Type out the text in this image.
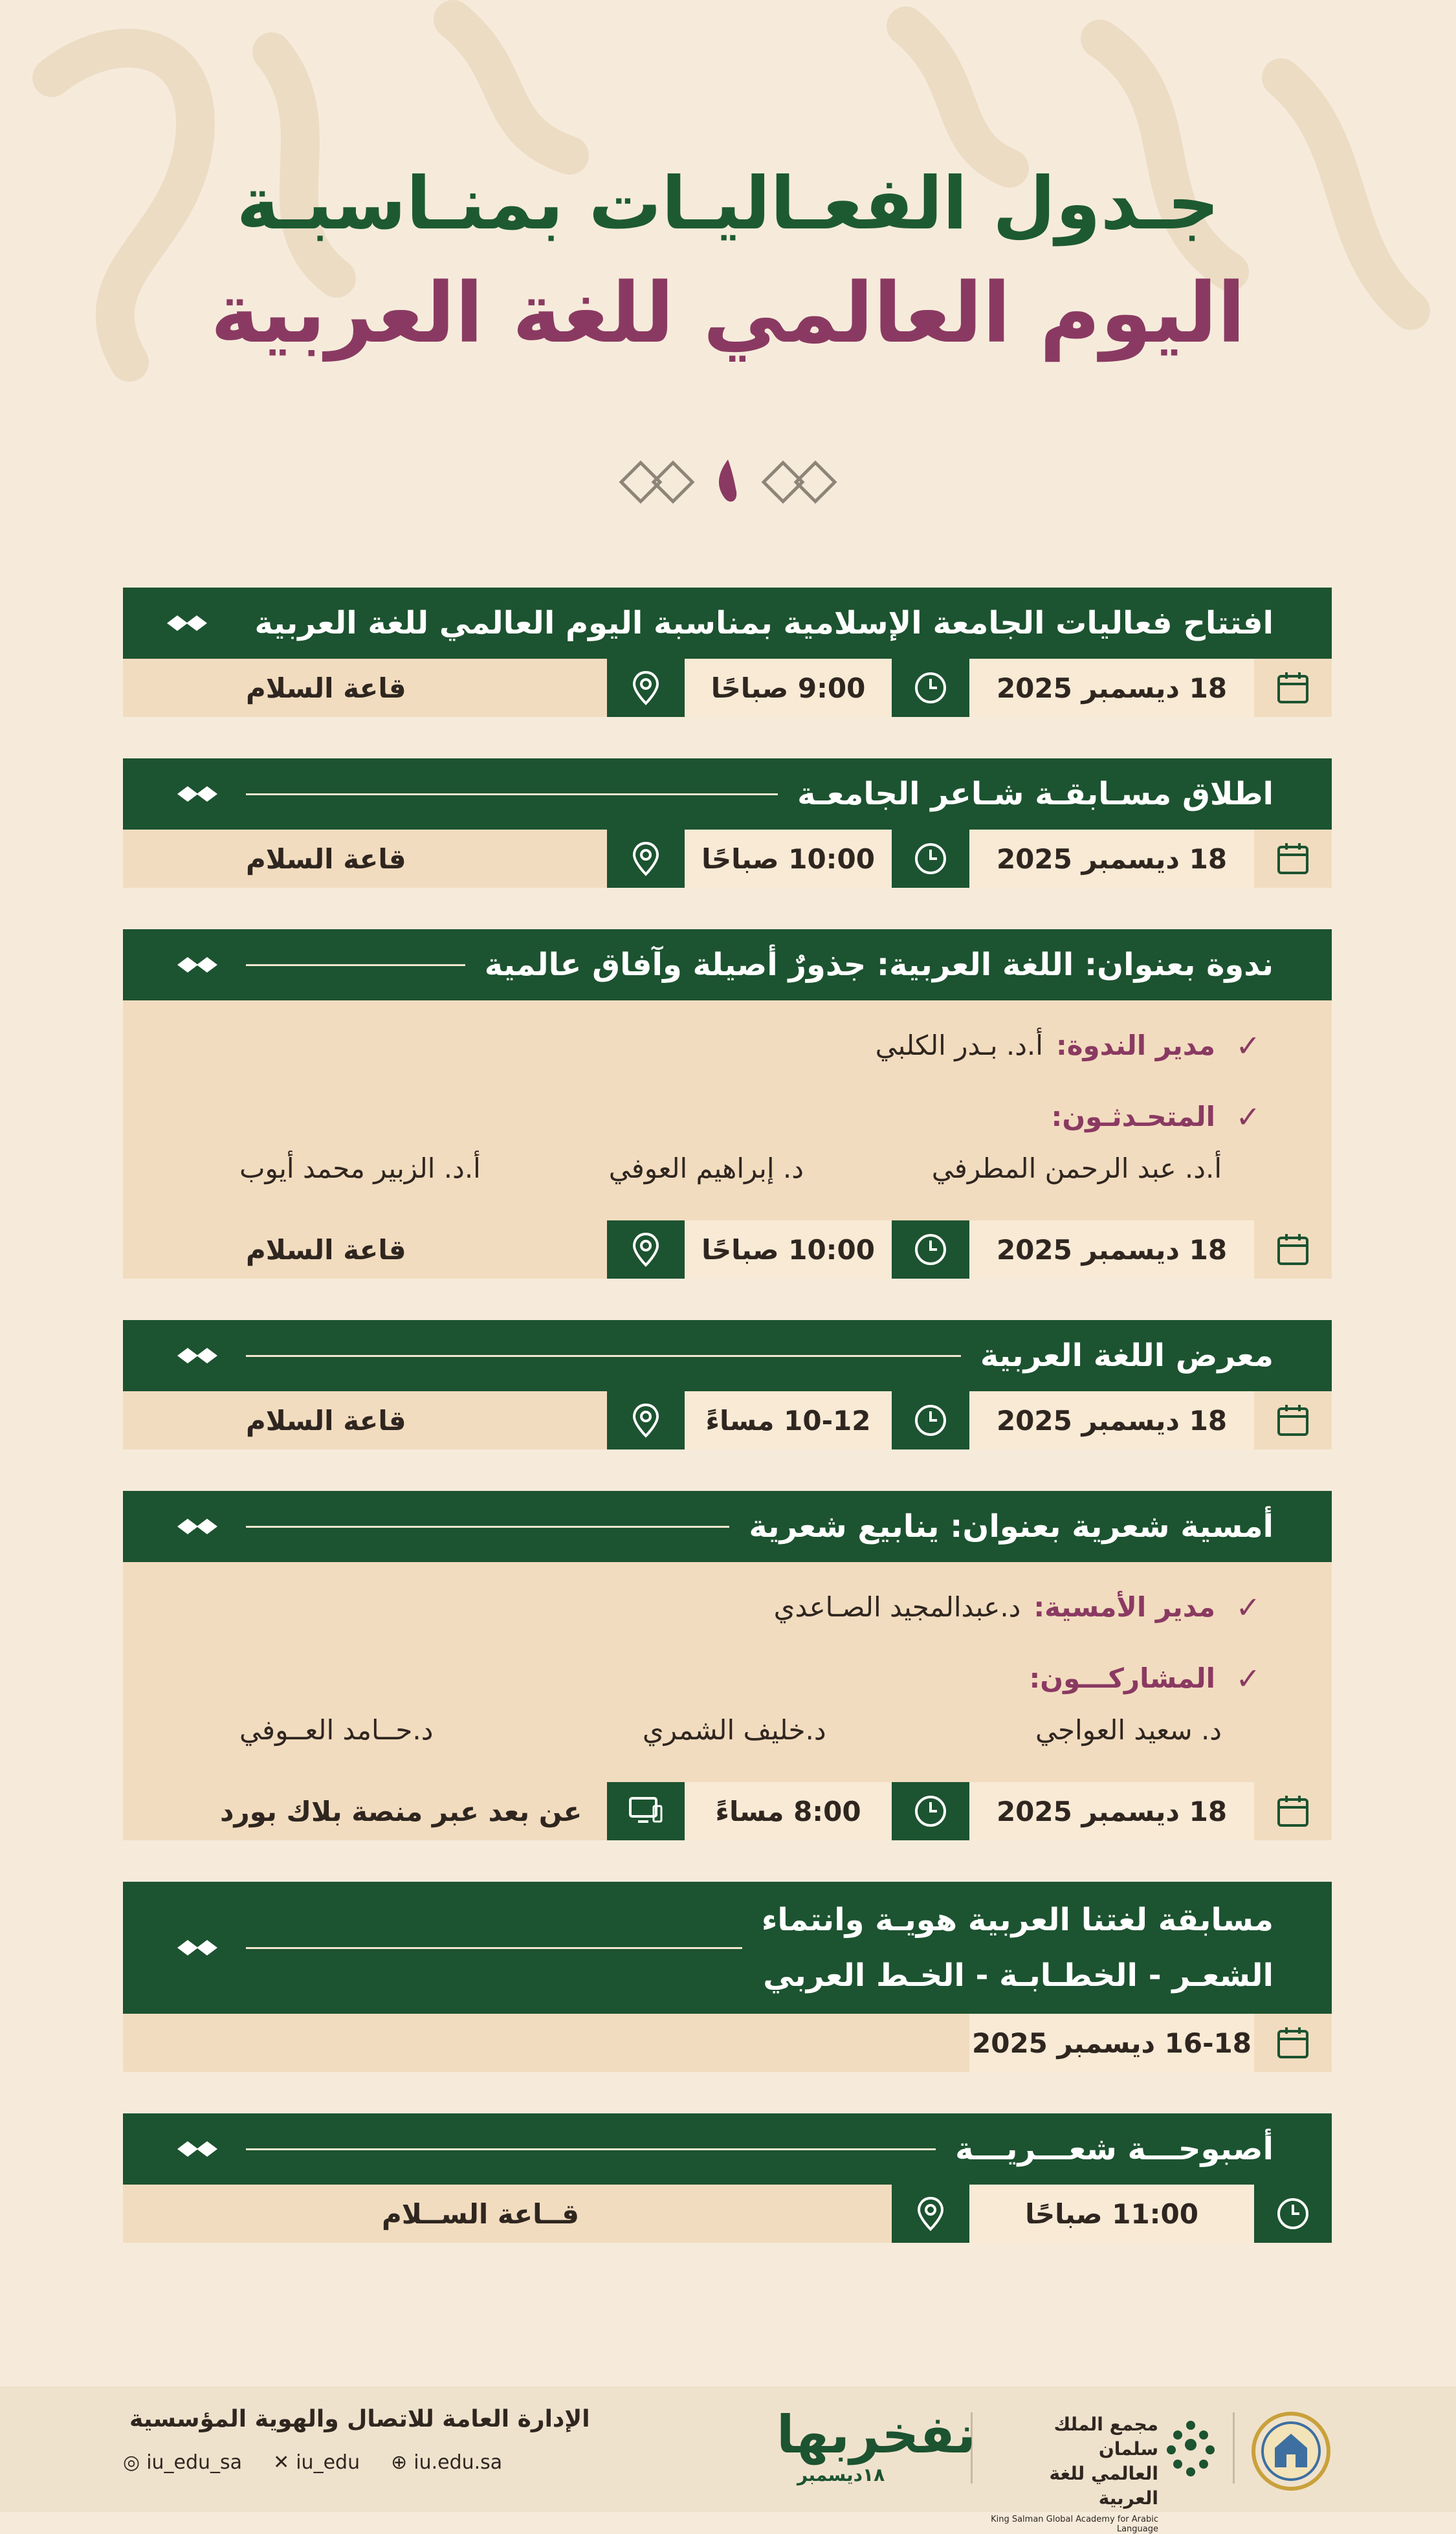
جـدول الفعـاليـات بمنـاسبـة
اليوم العالمي للغة العربية
افتتاح فعاليات الجامعة الإسلامية بمناسبة اليوم العالمي للغة العربية
18 ديسمبر 2025
9:00 صباحًا
قاعة السلام
اطلاق مسـابقـة شـاعر الجامعـة
18 ديسمبر 2025
10:00 صباحًا
قاعة السلام
ندوة بعنوان: اللغة العربية: جذورٌ أصيلة وآفاق عالمية
✓
مدير الندوة:
أ.د. بـدر الكلبي
✓
المتحـدثـون:
أ.د. عبد الرحمن المطرفي
د. إبراهيم العوفي
أ.د. الزبير محمد أيوب
18 ديسمبر 2025
10:00 صباحًا
قاعة السلام
معرض اللغة العربية
18 ديسمبر 2025
10-12 مساءً
قاعة السلام
أمسية شعرية بعنوان: ينابيع شعرية
✓
مدير الأمسية:
د.عبدالمجيد الصـاعدي
✓
المشاركـــون:
د. سعيد العواجي
د.خليف الشمري
د.حــامد العــوفي
18 ديسمبر 2025
8:00 مساءً
عن بعد عبر منصة بلاك بورد
مسابقة لغتنا العربية هويـة وانتماء
الشعـر - الخطـابـة - الخـط العربي
16-18 ديسمبر 2025
أصبوحـــة شعـــريـــة
11:00 صباحًا
قــاعة الســلام
مجمع الملك سلمان
العالمي للغة العربية
King Salman Global Academy for Arabic Language
نفخربها
١٨ديسمبر
الإدارة العامة للاتصال والهوية المؤسسية
◎ iu_edu_sa ✕ iu_edu ⊕ iu.edu.sa
